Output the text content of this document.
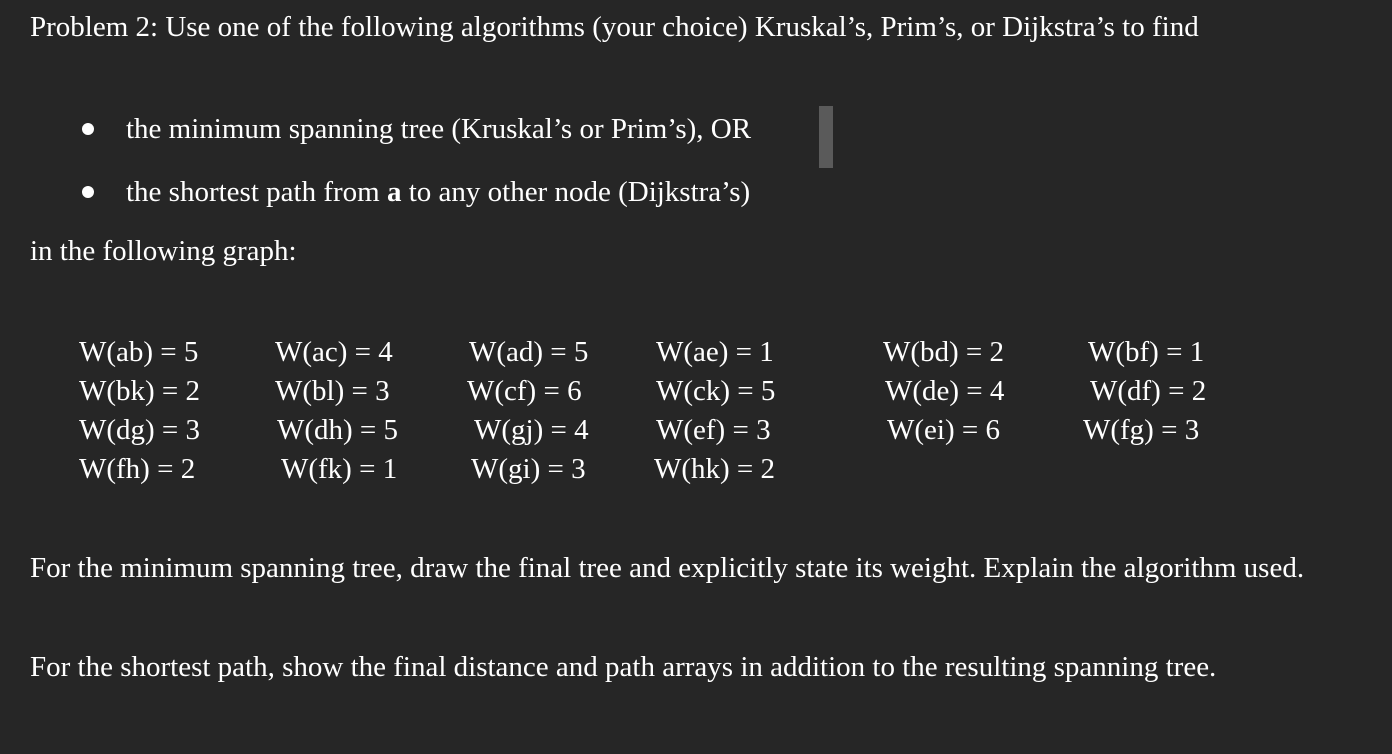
Problem 2: Use one of the following algorithms (your choice) Kruskal’s, Prim’s, or Dijkstra’s to find

the minimum spanning tree (Kruskal’s or Prim’s), OR
the shortest path from a to any other node (Dijkstra’s)

in the following graph:

W(ab) = 5	W(ac) = 4	W(ad) = 5 W(ae) = 1	W(bd) = 2	W(bf) = 1
W(bk) = 2	W(bl) = 3	W(cf) = 6	W(ck) = 5	W(de) = 4	W(df) = 2
W(dg) = 3	W(dh) = 5	W(gj) = 4 W(ef) = 3	W(ei) = 6	W(fg) = 3
W(fh) = 2	W(fk) = 1	W(gi) = 3 W(hk) = 2

For the minimum spanning tree, draw the final tree and explicitly state its weight. Explain the algorithm used.

For the shortest path, show the final distance and path arrays in addition to the resulting spanning tree.
